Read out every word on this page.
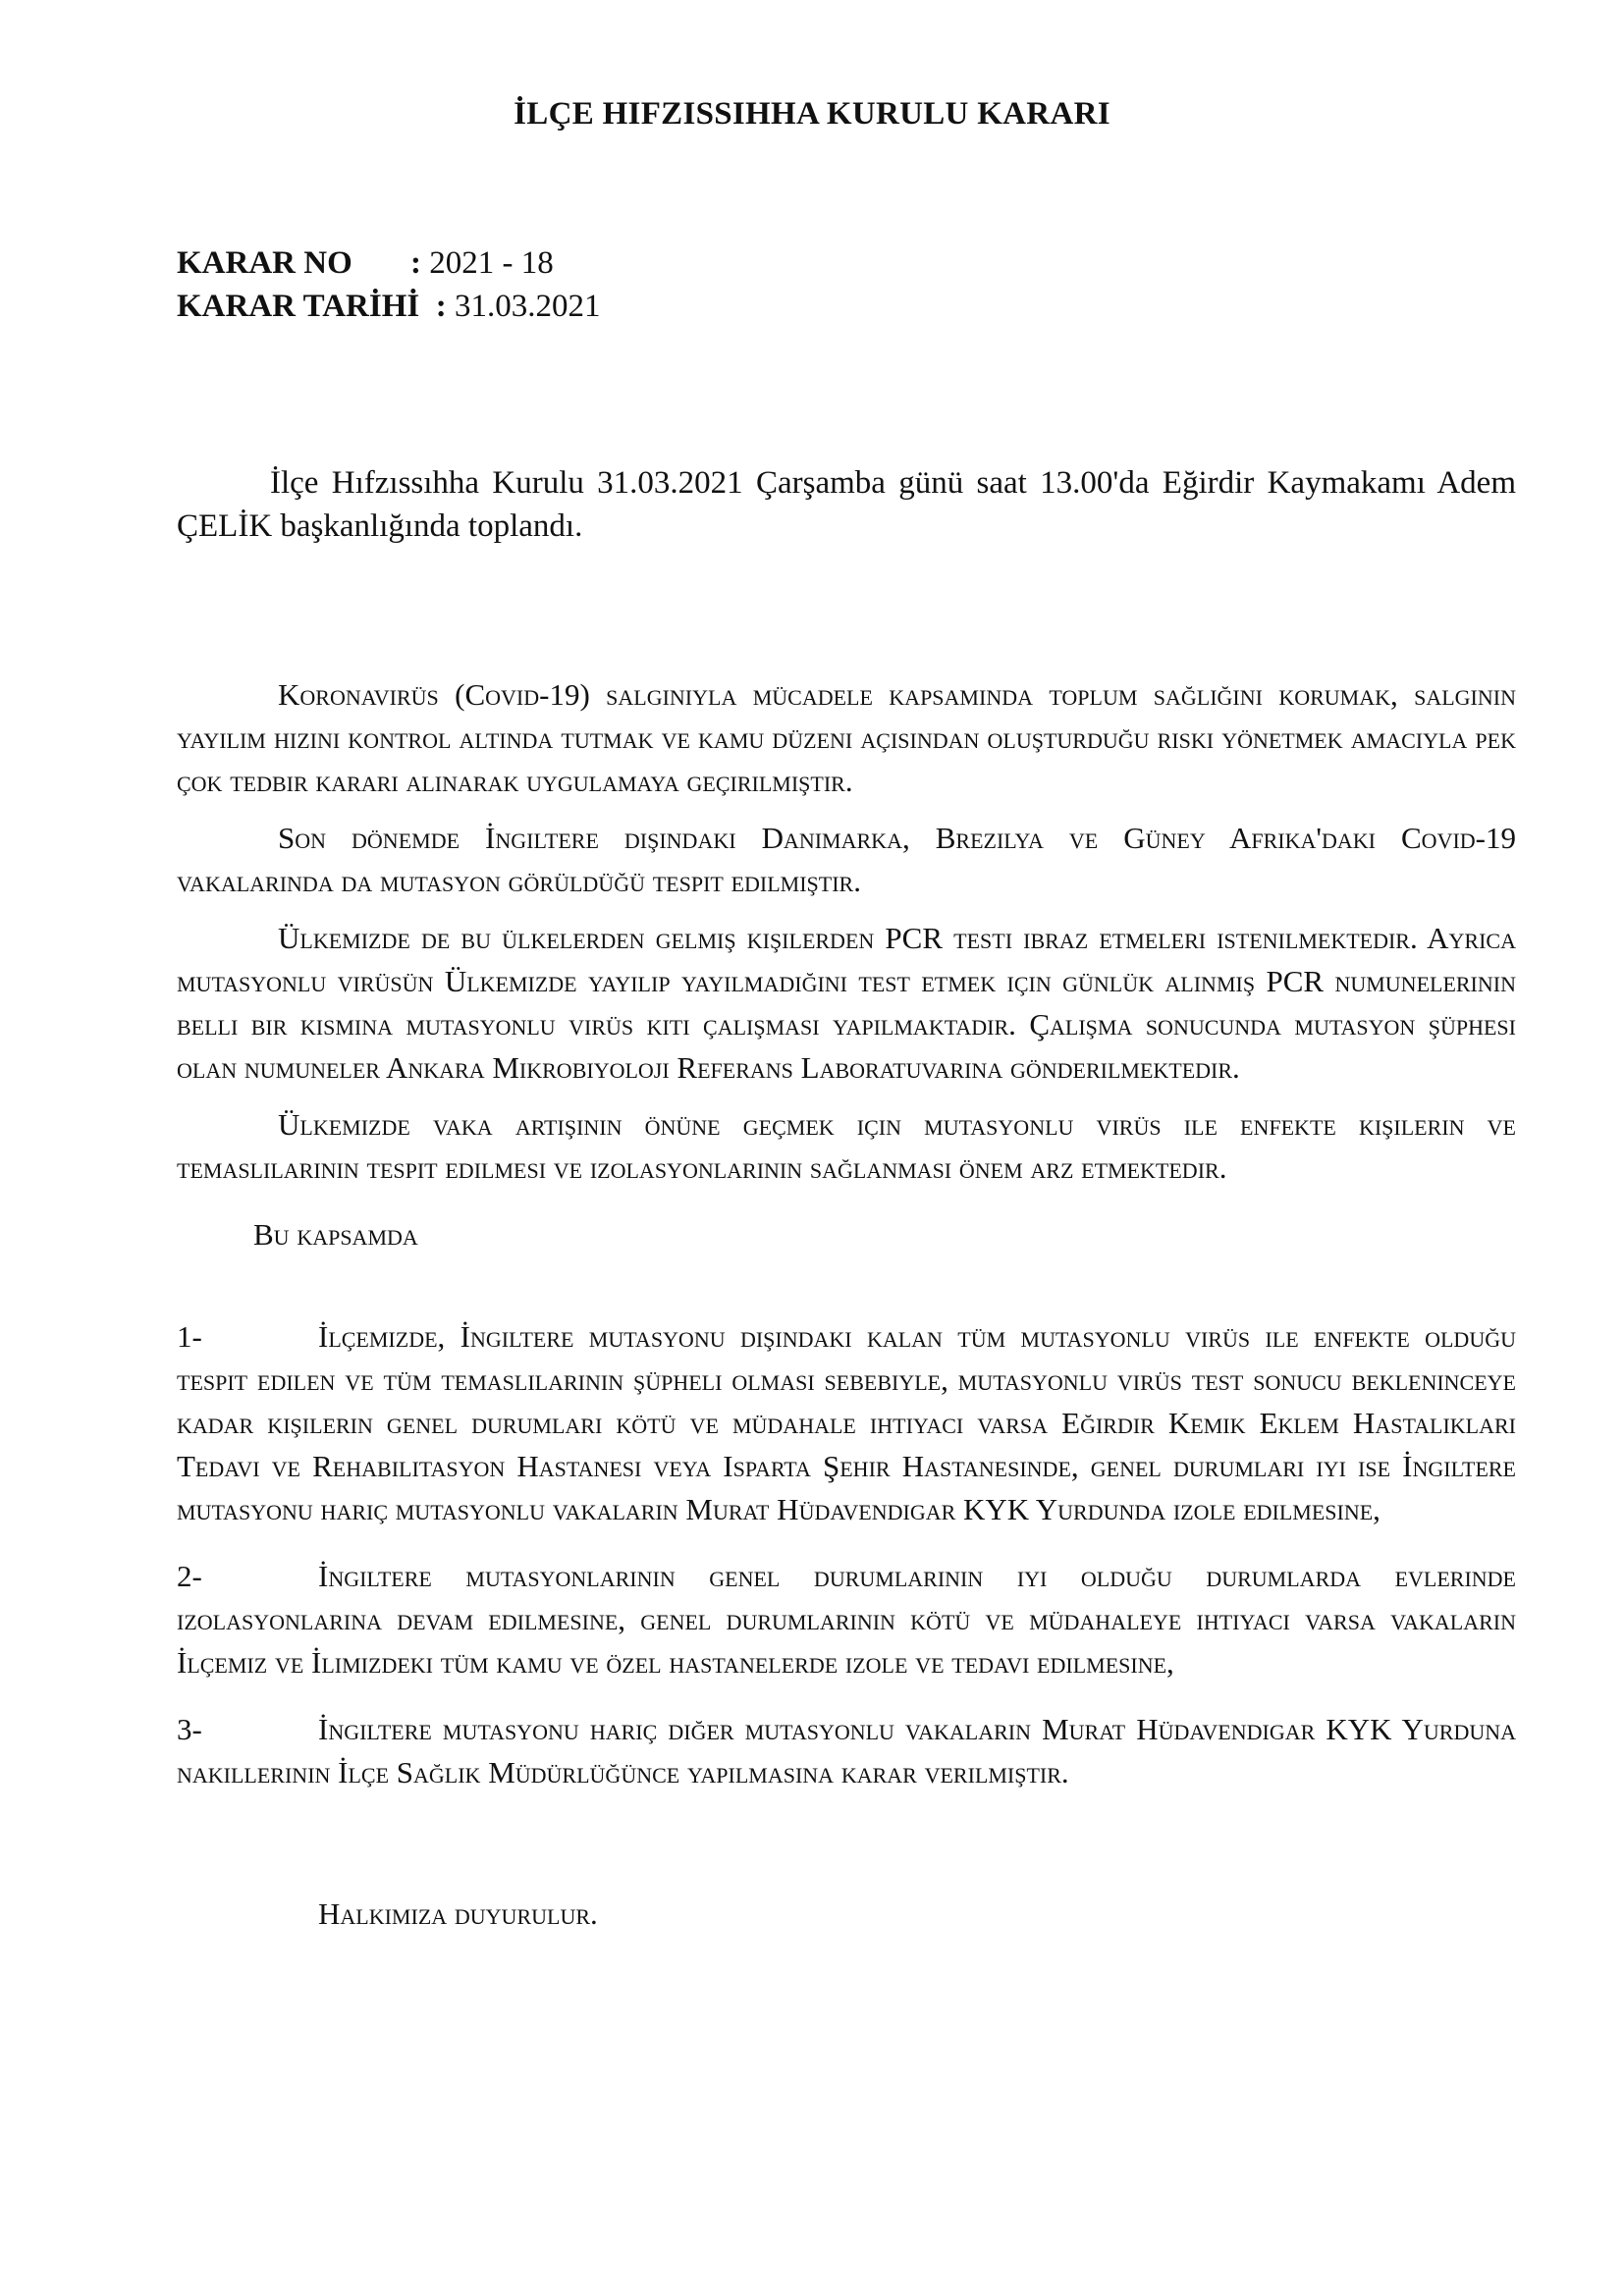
İLÇE HIFZISSIHHA KURULU KARARI
KARAR NO : 2021 - 18
KARAR TARİHİ : 31.03.2021

İlçe Hıfzıssıhha Kurulu 31.03.2021 Çarşamba günü saat 13.00'da Eğirdir Kaymakamı Adem ÇELİK başkanlığında toplandı.

Koronavirüs (Covid-19) salgınıyla mücadele kapsamında toplum sağlığını korumak, salgının yayılım hızını kontrol altında tutmak ve kamu düzeni açısından oluşturduğu riski yönetmek amacıyla pek çok tedbir kararı alınarak uygulamaya geçirilmiştir.

Son dönemde İngiltere dışındaki Danimarka, Brezilya ve Güney Afrika'daki Covid-19 vakalarında da mutasyon görüldüğü tespit edilmiştir.

Ülkemizde de bu ülkelerden gelmiş kişilerden PCR testi ibraz etmeleri istenilmektedir. Ayrıca mutasyonlu virüsün Ülkemizde yayılıp yayılmadığını test etmek için günlük alınmış PCR numunelerinin belli bir kısmına mutasyonlu virüs kiti çalışması yapılmaktadır. Çalışma sonucunda mutasyon şüphesi olan numuneler Ankara Mikrobiyoloji Referans Laboratuvarına gönderilmektedir.

Ülkemizde vaka artışının önüne geçmek için mutasyonlu virüs ile enfekte kişilerin ve temaslılarının tespit edilmesi ve izolasyonlarının sağlanması önem arz etmektedir.

Bu kapsamda

1-	İlçemizde, İngiltere mutasyonu dışındaki kalan tüm mutasyonlu virüs ile enfekte olduğu tespit edilen ve tüm temaslılarının şüpheli olması sebebiyle, mutasyonlu virüs test sonucu beklenınceye kadar kişilerin genel durumları kötü ve müdahale ihtiyacı varsa Eğirdir Kemik Eklem Hastalıkları Tedavi ve Rehabilitasyon Hastanesi veya Isparta Şehir Hastanesinde, genel durumları iyi ise İngiltere mutasyonu hariç mutasyonlu vakaların Murat Hüdavendigar KYK Yurdunda izole edilmesine,
2-	İngiltere mutasyonlarının genel durumlarının iyi olduğu durumlarda evlerinde izolasyonlarına devam edilmesine, genel durumlarının kötü ve müdahaleye ihtiyacı varsa vakaların İlçemiz ve İlimizdeki tüm kamu ve özel hastanelerde izole ve tedavi edilmesine,
3-	İngiltere mutasyonu hariç diğer mutasyonlu vakaların Murat Hüdavendigar KYK Yurduna nakillerinin İlçe Sağlık Müdürlüğünce yapılmasına karar verilmiştir.
Halkımıza duyurulur.
